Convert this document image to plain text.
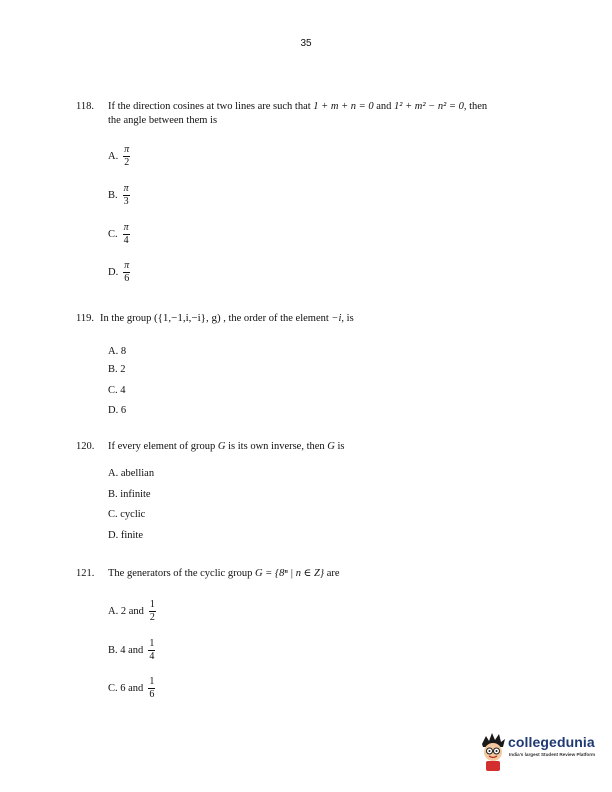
35
118. If the direction cosines at two lines are such that 1 + m + n = 0 and 1² + m² − n² = 0, then
the angle between them is
A. $\frac{\pi}{2}$
B. $\frac{\pi}{3}$
C. $\frac{\pi}{4}$
D. $\frac{\pi}{6}$
119. In the group ({1,−1,i,−i}, g) , the order of the element −i, is
A.
8
B.
2
C.
4
D.
6
120. If every element of group G is its own inverse, then G is
A.
abellian
B.
infinite
C.
cyclic
D.
finite
121. The generators of the cyclic group G = {8ⁿ | n ∈ Z} are
A.
2 and $\frac{1}{2}$
B.
4 and $\frac{1}{4}$
C.
6 and $\frac{1}{6}$
collegedunia
India's largest Student Review Platform
